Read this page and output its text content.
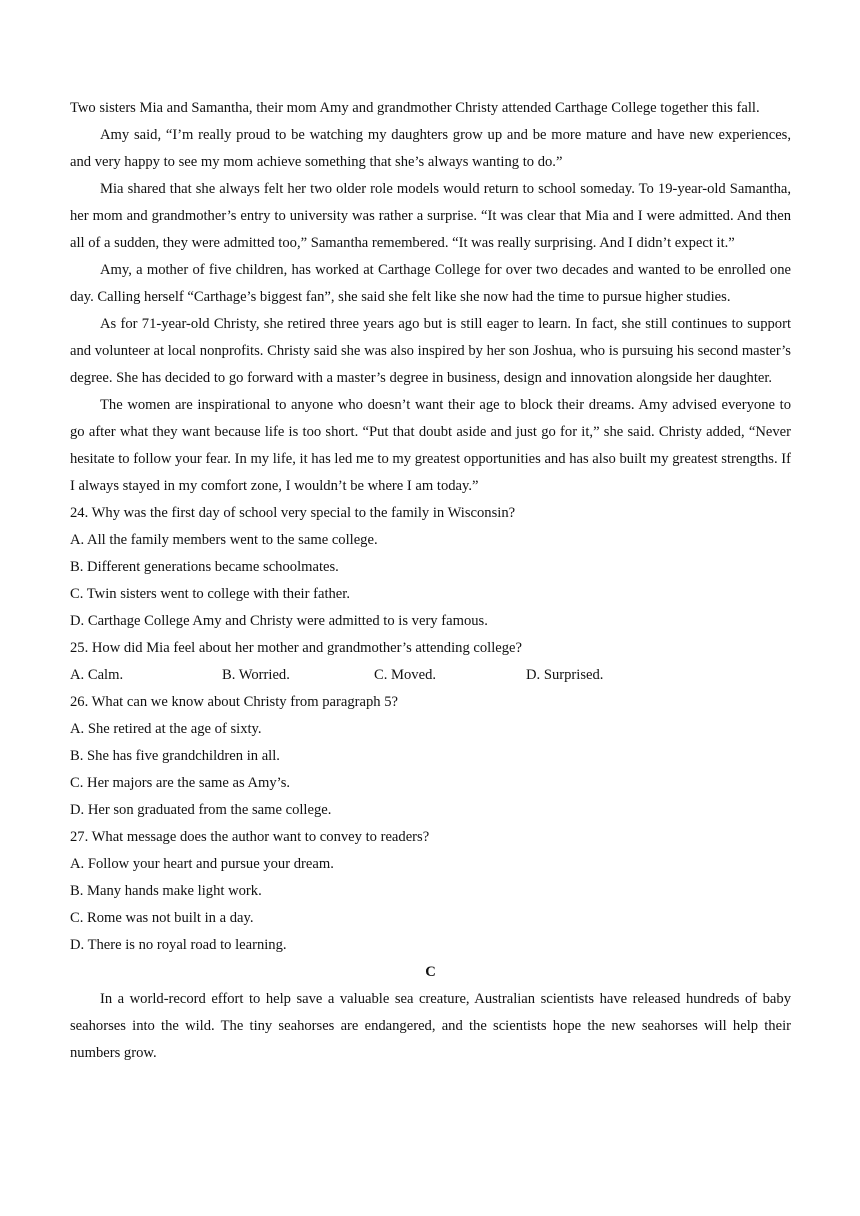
Two sisters Mia and Samantha, their mom Amy and grandmother Christy attended Carthage College together this fall.

Amy said, “I’m really proud to be watching my daughters grow up and be more mature and have new experiences, and very happy to see my mom achieve something that she’s always wanting to do.”

Mia shared that she always felt her two older role models would return to school someday. To 19-year-old Samantha, her mom and grandmother’s entry to university was rather a surprise. “It was clear that Mia and I were admitted. And then all of a sudden, they were admitted too,” Samantha remembered. “It was really surprising. And I didn’t expect it.”

Amy, a mother of five children, has worked at Carthage College for over two decades and wanted to be enrolled one day. Calling herself “Carthage’s biggest fan”, she said she felt like she now had the time to pursue higher studies.

As for 71-year-old Christy, she retired three years ago but is still eager to learn. In fact, she still continues to support and volunteer at local nonprofits. Christy said she was also inspired by her son Joshua, who is pursuing his second master’s degree. She has decided to go forward with a master’s degree in business, design and innovation alongside her daughter.

The women are inspirational to anyone who doesn’t want their age to block their dreams. Amy advised everyone to go after what they want because life is too short. “Put that doubt aside and just go for it,” she said. Christy added, “Never hesitate to follow your fear. In my life, it has led me to my greatest opportunities and has also built my greatest strengths. If I always stayed in my comfort zone, I wouldn’t be where I am today.”

24. Why was the first day of school very special to the family in Wisconsin?

A. All the family members went to the same college.

B. Different generations became schoolmates.

C. Twin sisters went to college with their father.

D. Carthage College Amy and Christy were admitted to is very famous.

25. How did Mia feel about her mother and grandmother’s attending college?

A. Calm.	B. Worried.	C. Moved.	D. Surprised.

26. What can we know about Christy from paragraph 5?

A. She retired at the age of sixty.

B. She has five grandchildren in all.

C. Her majors are the same as Amy’s.

D. Her son graduated from the same college.

27. What message does the author want to convey to readers?

A. Follow your heart and pursue your dream.

B. Many hands make light work.

C. Rome was not built in a day.

D. There is no royal road to learning.

C

In a world-record effort to help save a valuable sea creature, Australian scientists have released hundreds of baby seahorses into the wild. The tiny seahorses are endangered, and the scientists hope the new seahorses will help their numbers grow.
